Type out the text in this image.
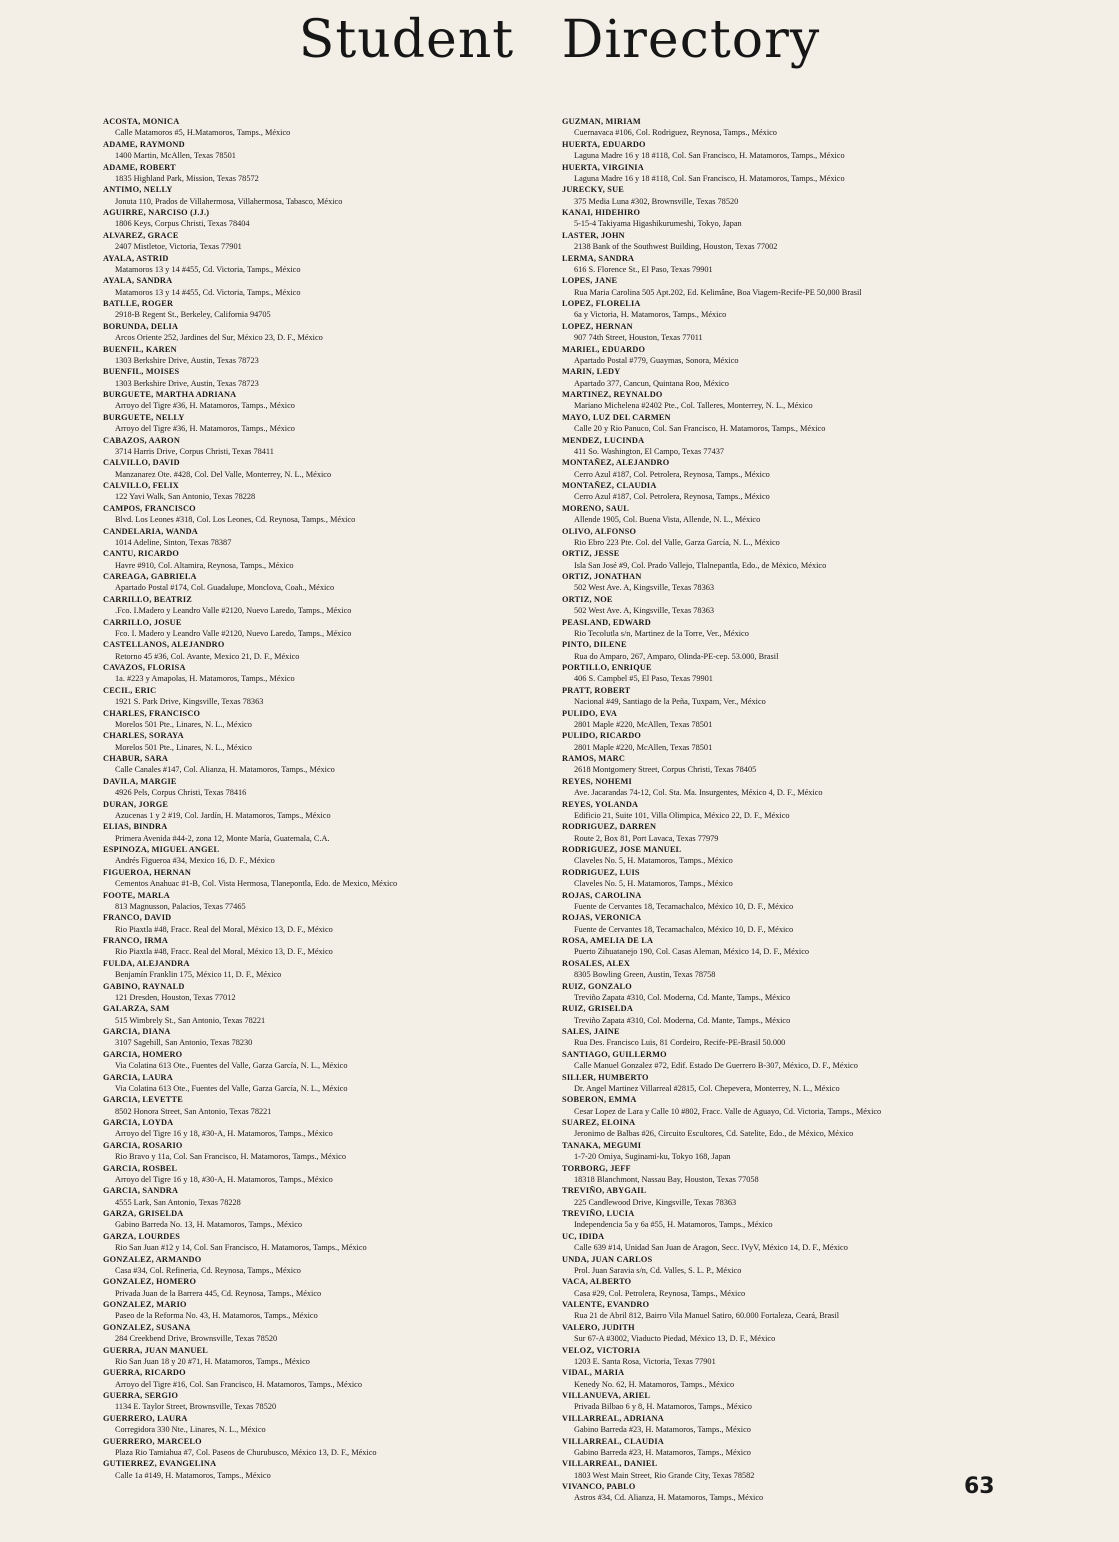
Student Directory
ACOSTA, MONICA
Calle Matamoros #5, H.Matamoros, Tamps., México
ADAME, RAYMOND
1400 Martin, McAllen, Texas 78501
ADAME, ROBERT
1835 Highland Park, Mission, Texas 78572
ANTIMO, NELLY
Jonuta 110, Prados de Villahermosa, Villahermosa, Tabasco, México
AGUIRRE, NARCISO (J.J.)
1806 Keys, Corpus Christi, Texas 78404
ALVAREZ, GRACE
2407 Mistletoe, Victoria, Texas 77901
AYALA, ASTRID
Matamoros 13 y 14 #455, Cd. Victoria, Tamps., México
AYALA, SANDRA
Matamoros 13 y 14 #455, Cd. Victoria, Tamps., México
BATLLE, ROGER
2918-B Regent St., Berkeley, California 94705
BORUNDA, DELIA
Arcos Oriente 252, Jardines del Sur, México 23, D. F., México
BUENFIL, KAREN
1303 Berkshire Drive, Austin, Texas 78723
BUENFIL, MOISES
1303 Berkshire Drive, Austin, Texas 78723
BURGUETE, MARTHA ADRIANA
Arroyo del Tigre #36, H. Matamoros, Tamps., México
BURGUETE, NELLY
Arroyo del Tigre #36, H. Matamoros, Tamps., México
CABAZOS, AARON
3714 Harris Drive, Corpus Christi, Texas 78411
CALVILLO, DAVID
Manzanarez Ote. #428, Col. Del Valle, Monterrey, N. L., México
CALVILLO, FELIX
122 Yavi Walk, San Antonio, Texas 78228
CAMPOS, FRANCISCO
Blvd. Los Leones #318, Col. Los Leones, Cd. Reynosa, Tamps., México
CANDELARIA, WANDA
1014 Adeline, Sinton, Texas 78387
CANTU, RICARDO
Havre #910, Col. Altamira, Reynosa, Tamps., México
CAREAGA, GABRIELA
Apartado Postal #174, Col. Guadalupe, Monclova, Coah., México
CARRILLO, BEATRIZ
.Fco. I.Madero y Leandro Valle #2120, Nuevo Laredo, Tamps., México
CARRILLO, JOSUE
Fco. I. Madero y Leandro Valle #2120, Nuevo Laredo, Tamps., México
CASTELLANOS, ALEJANDRO
Retorno 45 #36, Col. Avante, Mexico 21, D. F., México
CAVAZOS, FLORISA
1a. #223 y Amapolas, H. Matamoros, Tamps., México
CECIL, ERIC
1921 S. Park Drive, Kingsville, Texas 78363
CHARLES, FRANCISCO
Morelos 501 Pte., Linares, N. L., México
CHARLES, SORAYA
Morelos 501 Pte., Linares, N. L., México
CHABUR, SARA
Calle Canales #147, Col. Alianza, H. Matamoros, Tamps., México
DAVILA, MARGIE
4926 Pels, Corpus Christi, Texas 78416
DURAN, JORGE
Azucenas 1 y 2 #19, Col. Jardín, H. Matamoros, Tamps., México
ELIAS, BINDRA
Primera Avenida #44-2, zona 12, Monte María, Guatemala, C.A.
ESPINOZA, MIGUEL ANGEL
Andrés Figueroa #34, Mexico 16, D. F., México
FIGUEROA, HERNAN
Cementos Anahuac #1-B, Col. Vista Hermosa, Tlanepontla, Edo. de Mexico, México
FOOTE, MARLA
813 Magnusson, Palacios, Texas 77465
FRANCO, DAVID
Rio Piaxtla #48, Fracc. Real del Moral, México 13, D. F., México
FRANCO, IRMA
Rio Piaxtla #48, Fracc. Real del Moral, México 13, D. F., México
FULDA, ALEJANDRA
Benjamín Franklin 175, México 11, D. F., México
GABINO, RAYNALD
121 Dresden, Houston, Texas 77012
GALARZA, SAM
515 Wimbrely St., San Antonio, Texas 78221
GARCIA, DIANA
3107 Sagehill, San Antonio, Texas 78230
GARCIA, HOMERO
Via Colatina 613 Ote., Fuentes del Valle, Garza García, N. L., México
GARCIA, LAURA
Via Colatina 613 Ote., Fuentes del Valle, Garza García, N. L., México
GARCIA, LEVETTE
8502 Honora Street, San Antonio, Texas 78221
GARCIA, LOYDA
Arroyo del Tigre 16 y 18, #30-A, H. Matamoros, Tamps., México
GARCIA, ROSARIO
Rio Bravo y 11a, Col. San Francisco, H. Matamoros, Tamps., México
GARCIA, ROSBEL
Arroyo del Tigre 16 y 18, #30-A, H. Matamoros, Tamps., México
GARCIA, SANDRA
4555 Lark, San Antonio, Texas 78228
GARZA, GRISELDA
Gabino Barreda No. 13, H. Matamoros, Tamps., México
GARZA, LOURDES
Rio San Juan #12 y 14, Col. San Francisco, H. Matamoros, Tamps., México
GONZALEZ, ARMANDO
Casa #34, Col. Refineria, Cd. Reynosa, Tamps., México
GONZALEZ, HOMERO
Privada Juan de la Barrera 445, Cd. Reynosa, Tamps., México
GONZALEZ, MARIO
Paseo de la Reforma No. 43, H. Matamoros, Tamps., México
GONZALEZ, SUSANA
284 Creekbend Drive, Brownsville, Texas 78520
GUERRA, JUAN MANUEL
Rio San Juan 18 y 20 #71, H. Matamoros, Tamps., México
GUERRA, RICARDO
Arroyo del Tigre #16, Col. San Francisco, H. Matamoros, Tamps., México
GUERRA, SERGIO
1134 E. Taylor Street, Brownsville, Texas 78520
GUERRERO, LAURA
Corregidora 330 Nte., Linares, N. L., México
GUERRERO, MARCELO
Plaza Rio Tamiahua #7, Col. Paseos de Churubusco, México 13, D. F., México
GUTIERREZ, EVANGELINA
Calle 1a #149, H. Matamoros, Tamps., México
GUZMAN, MIRIAM
Cuernavaca #106, Col. Rodriguez, Reynosa, Tamps., México
HUERTA, EDUARDO
Laguna Madre 16 y 18 #118, Col. San Francisco, H. Matamoros, Tamps., México
HUERTA, VIRGINIA
Laguna Madre 16 y 18 #118, Col. San Francisco, H. Matamoros, Tamps., México
JURECKY, SUE
375 Media Luna #302, Brownsville, Texas 78520
KANAI, HIDEHIRO
5-15-4 Takiyama Higashikurumeshi, Tokyo, Japan
LASTER, JOHN
2138 Bank of the Southwest Building, Houston, Texas 77002
LERMA, SANDRA
616 S. Florence St., El Paso, Texas 79901
LOPES, JANE
Rua Maria Carolina 505 Apt.202, Ed. Kelimâne, Boa Viagem-Recife-PE 50,000 Brasil
LOPEZ, FLORELIA
6a y Victoria, H. Matamoros, Tamps., México
LOPEZ, HERNAN
907 74th Street, Houston, Texas 77011
MARIEL, EDUARDO
Apartado Postal #779, Guaymas, Sonora, México
MARIN, LEDY
Apartado 377, Cancun, Quintana Roo, México
MARTINEZ, REYNALDO
Mariano Michelena #2402 Pte., Col. Talleres, Monterrey, N. L., México
MAYO, LUZ DEL CARMEN
Calle 20 y Rio Panuco, Col. San Francisco, H. Matamoros, Tamps., México
MENDEZ, LUCINDA
411 So. Washington, El Campo, Texas 77437
MONTAÑEZ, ALEJANDRO
Cerro Azul #187, Col. Petrolera, Reynosa, Tamps., México
MONTAÑEZ, CLAUDIA
Cerro Azul #187, Col. Petrolera, Reynosa, Tamps., México
MORENO, SAUL
Allende 1905, Col. Buena Vista, Allende, N. L., México
OLIVO, ALFONSO
Rio Ebro 223 Pte. Col. del Valle, Garza García, N. L., México
ORTIZ, JESSE
Isla San José #9, Col. Prado Vallejo, Tlalnepantla, Edo., de México, México
ORTIZ, JONATHAN
502 West Ave. A, Kingsville, Texas 78363
ORTIZ, NOE
502 West Ave. A, Kingsville, Texas 78363
PEASLAND, EDWARD
Rio Tecolutla s/n, Martinez de la Torre, Ver., México
PINTO, DILENE
Rua do Amparo, 267, Amparo, Olinda-PE-cep. 53.000, Brasil
PORTILLO, ENRIQUE
406 S. Campbel #5, El Paso, Texas 79901
PRATT, ROBERT
Nacional #49, Santiago de la Peña, Tuxpam, Ver., México
PULIDO, EVA
2801 Maple #220, McAllen, Texas 78501
PULIDO, RICARDO
2801 Maple #220, McAllen, Texas 78501
RAMOS, MARC
2618 Montgomery Street, Corpus Christi, Texas 78405
REYES, NOHEMI
Ave. Jacarandas 74-12, Col. Sta. Ma. Insurgentes, México 4, D. F., México
REYES, YOLANDA
Edificio 21, Suite 101, Villa Olimpica, México 22, D. F., México
RODRIGUEZ, DARREN
Route 2, Box 81, Port Lavaca, Texas 77979
RODRIGUEZ, JOSE MANUEL
Claveles No. 5, H. Matamoros, Tamps., México
RODRIGUEZ, LUIS
Claveles No. 5, H. Matamoros, Tamps., México
ROJAS, CAROLINA
Fuente de Cervantes 18, Tecamachalco, México 10, D. F., México
ROJAS, VERONICA
Fuente de Cervantes 18, Tecamachalco, México 10, D. F., México
ROSA, AMELIA DE LA
Puerto Zihuatanejo 190, Col. Casas Aleman, México 14, D. F., México
ROSALES, ALEX
8305 Bowling Green, Austin, Texas 78758
RUIZ, GONZALO
Treviño Zapata #310, Col. Moderna, Cd. Mante, Tamps., México
RUIZ, GRISELDA
Treviño Zapata #310, Col. Moderna, Cd. Mante, Tamps., México
SALES, JAINE
Rua Des. Francisco Luis, 81 Cordeiro, Recife-PE-Brasil 50.000
SANTIAGO, GUILLERMO
Calle Manuel Gonzalez #72, Edif. Estado De Guerrero B-307, México, D. F., México
SILLER, HUMBERTO
Dr. Angel Martinez Villarreal #2815, Col. Chepevera, Monterrey, N. L., México
SOBERON, EMMA
Cesar Lopez de Lara y Calle 10 #802, Fracc. Valle de Aguayo, Cd. Victoria, Tamps., México
SUAREZ, ELOINA
Jeronimo de Balbas #26, Circuito Escultores, Cd. Satelite, Edo., de México, México
TANAKA, MEGUMI
1-7-20 Omiya, Suginami-ku, Tokyo 168, Japan
TORBORG, JEFF
18318 Blanchmont, Nassau Bay, Houston, Texas 77058
TREVIÑO, ABYGAIL
225 Candlewood Drive, Kingsville, Texas 78363
TREVIÑO, LUCIA
Independencia 5a y 6a #55, H. Matamoros, Tamps., México
UC, IDIDA
Calle 639 #14, Unidad San Juan de Aragon, Secc. IVyV, México 14, D. F., México
UNDA, JUAN CARLOS
Prol. Juan Saravia s/n, Cd. Valles, S. L. P., México
VACA, ALBERTO
Casa #29, Col. Petrolera, Reynosa, Tamps., México
VALENTE, EVANDRO
Rua 21 de Abril 812, Bairro Vila Manuel Satiro, 60.000 Fortaleza, Ceará, Brasil
VALERO, JUDITH
Sur 67-A #3002, Viaducto Piedad, México 13, D. F., México
VELOZ, VICTORIA
1203 E. Santa Rosa, Victoria, Texas 77901
VIDAL, MARIA
Kenedy No. 62, H. Matamoros, Tamps., México
VILLANUEVA, ARIEL
Privada Bilbao 6 y 8, H. Matamoros, Tamps., México
VILLARREAL, ADRIANA
Gabino Barreda #23, H. Matamoros, Tamps., México
VILLARREAL, CLAUDIA
Gabino Barreda #23, H. Matamoros, Tamps., México
VILLARREAL, DANIEL
1803 West Main Street, Rio Grande City, Texas 78582
VIVANCO, PABLO
Astros #34, Cd. Alianza, H. Matamoros, Tamps., México	63
